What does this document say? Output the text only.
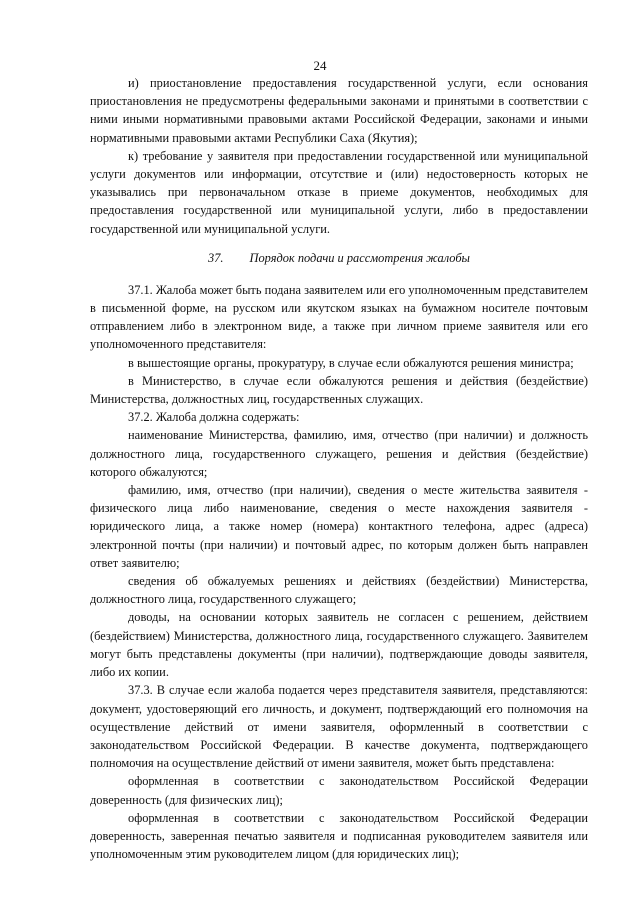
24

и) приостановление предоставления государственной услуги, если основания приостановления не предусмотрены федеральными законами и принятыми в соответствии с ними иными нормативными правовыми актами Российской Федерации, законами и иными нормативными правовыми актами Республики Саха (Якутия);

к) требование у заявителя при предоставлении государственной или муниципальной услуги документов или информации, отсутствие и (или) недостоверность которых не указывались при первоначальном отказе в приеме документов, необходимых для предоставления государственной или муниципальной услуги, либо в предоставлении государственной или муниципальной услуги.

37. Порядок подачи и рассмотрения жалобы

37.1. Жалоба может быть подана заявителем или его уполномоченным представителем в письменной форме, на русском или якутском языках на бумажном носителе почтовым отправлением либо в электронном виде, а также при личном приеме заявителя или его уполномоченного представителя:

в вышестоящие органы, прокуратуру, в случае если обжалуются решения министра;

в Министерство, в случае если обжалуются решения и действия (бездействие) Министерства, должностных лиц, государственных служащих.

37.2. Жалоба должна содержать:

наименование Министерства, фамилию, имя, отчество (при наличии) и должность должностного лица, государственного служащего, решения и действия (бездействие) которого обжалуются;

фамилию, имя, отчество (при наличии), сведения о месте жительства заявителя - физического лица либо наименование, сведения о месте нахождения заявителя - юридического лица, а также номер (номера) контактного телефона, адрес (адреса) электронной почты (при наличии) и почтовый адрес, по которым должен быть направлен ответ заявителю;

сведения об обжалуемых решениях и действиях (бездействии) Министерства, должностного лица, государственного служащего;

доводы, на основании которых заявитель не согласен с решением, действием (бездействием) Министерства, должностного лица, государственного служащего. Заявителем могут быть представлены документы (при наличии), подтверждающие доводы заявителя, либо их копии.

37.3. В случае если жалоба подается через представителя заявителя, представляются: документ, удостоверяющий его личность, и документ, подтверждающий его полномочия на осуществление действий от имени заявителя, оформленный в соответствии с законодательством Российской Федерации. В качестве документа, подтверждающего полномочия на осуществление действий от имени заявителя, может быть представлена:

оформленная в соответствии с законодательством Российской Федерации доверенность (для физических лиц);

оформленная в соответствии с законодательством Российской Федерации доверенность, заверенная печатью заявителя и подписанная руководителем заявителя или уполномоченным этим руководителем лицом (для юридических лиц);
